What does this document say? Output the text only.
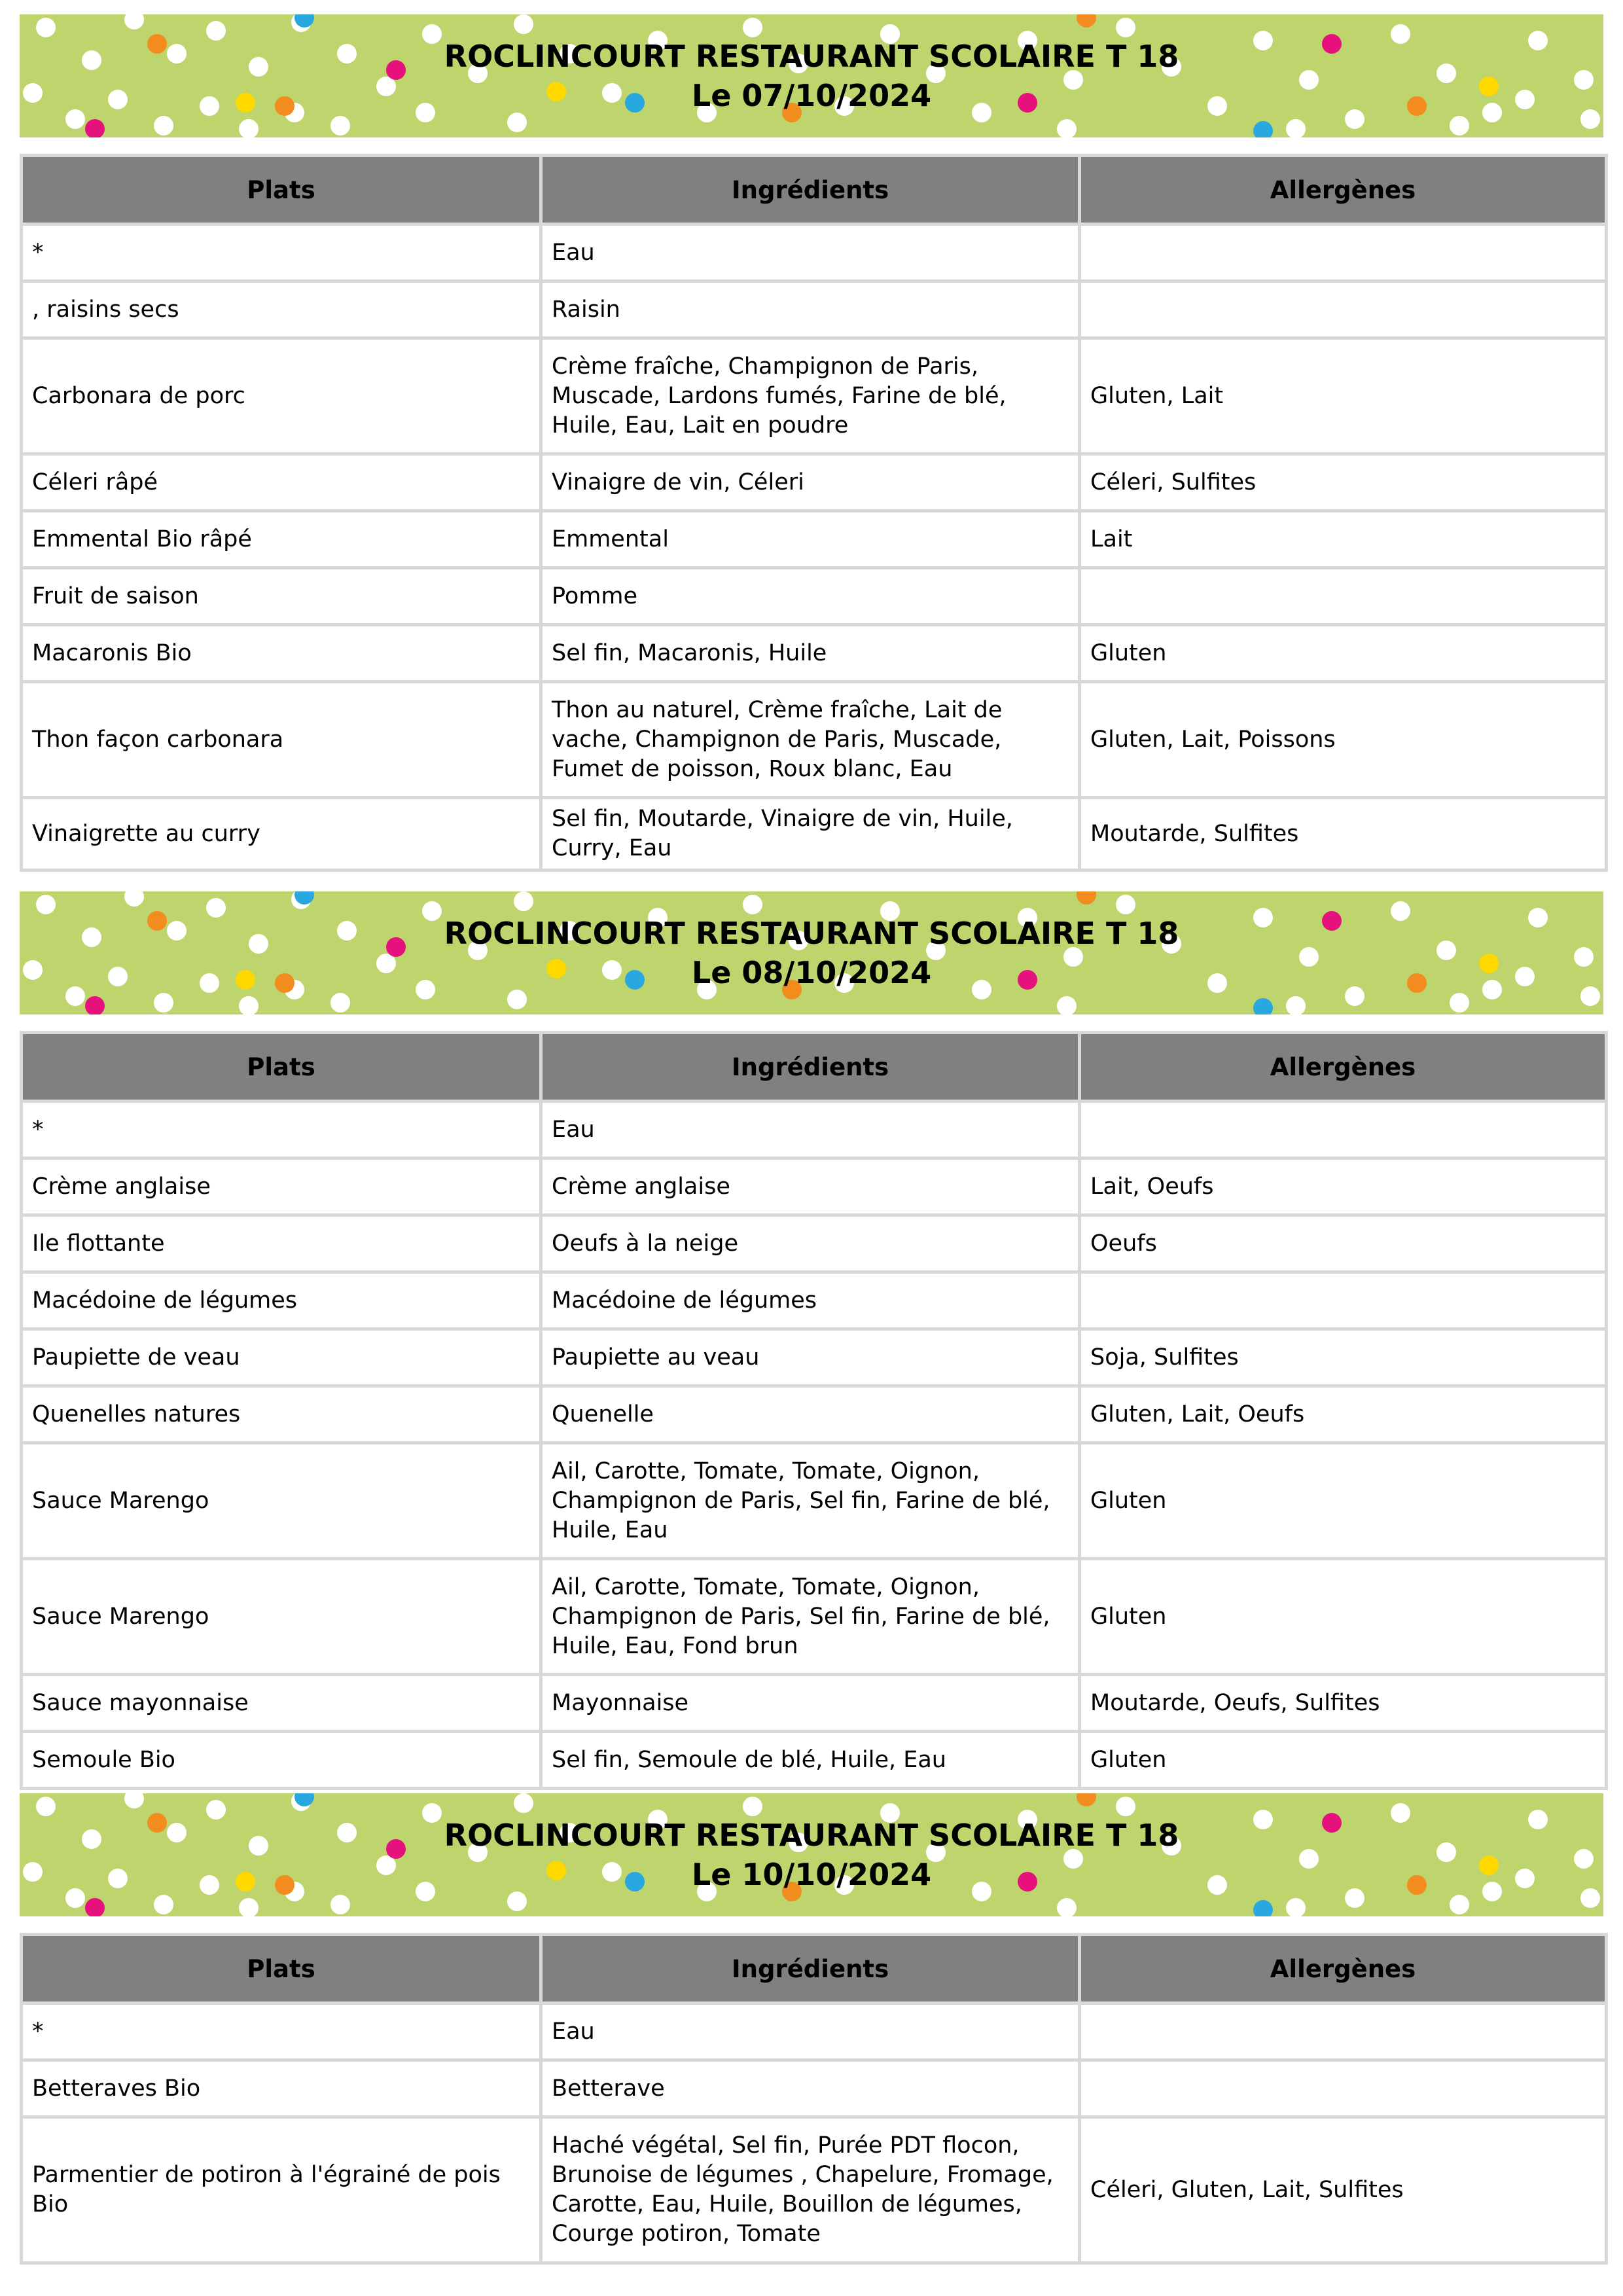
ROCLINCOURT RESTAURANT SCOLAIRE T 18
Le 07/10/2024
Plats	Ingrédients	Allergènes
*	Eau	
, raisins secs	Raisin	
Carbonara de porc	Crème fraîche, Champignon de Paris, Muscade, Lardons fumés, Farine de blé, Huile, Eau, Lait en poudre	Gluten, Lait
Céleri râpé	Vinaigre de vin, Céleri	Céleri, Sulfites
Emmental Bio râpé	Emmental	Lait
Fruit de saison	Pomme	
Macaronis Bio	Sel fin, Macaronis, Huile	Gluten
Thon façon carbonara	Thon au naturel, Crème fraîche, Lait de vache, Champignon de Paris, Muscade, Fumet de poisson, Roux blanc, Eau	Gluten, Lait, Poissons
Vinaigrette au curry	Sel fin, Moutarde, Vinaigre de vin, Huile, Curry, Eau	Moutarde, Sulfites
ROCLINCOURT RESTAURANT SCOLAIRE T 18
Le 08/10/2024
Plats	Ingrédients	Allergènes
*	Eau	
Crème anglaise	Crème anglaise	Lait, Oeufs
Ile flottante	Oeufs à la neige	Oeufs
Macédoine de légumes	Macédoine de légumes	
Paupiette de veau	Paupiette au veau	Soja, Sulfites
Quenelles natures	Quenelle	Gluten, Lait, Oeufs
Sauce Marengo	Ail, Carotte, Tomate, Tomate, Oignon, Champignon de Paris, Sel fin, Farine de blé, Huile, Eau	Gluten
Sauce Marengo	Ail, Carotte, Tomate, Tomate, Oignon, Champignon de Paris, Sel fin, Farine de blé, Huile, Eau, Fond brun	Gluten
Sauce mayonnaise	Mayonnaise	Moutarde, Oeufs, Sulfites
Semoule Bio	Sel fin, Semoule de blé, Huile, Eau	Gluten
ROCLINCOURT RESTAURANT SCOLAIRE T 18
Le 10/10/2024
Plats	Ingrédients	Allergènes
*	Eau	
Betteraves Bio	Betterave	
Parmentier de potiron à l'égrainé de pois Bio	Haché végétal, Sel fin, Purée PDT flocon, Brunoise de légumes , Chapelure, Fromage, Carotte, Eau, Huile, Bouillon de légumes, Courge potiron, Tomate	Céleri, Gluten, Lait, Sulfites
